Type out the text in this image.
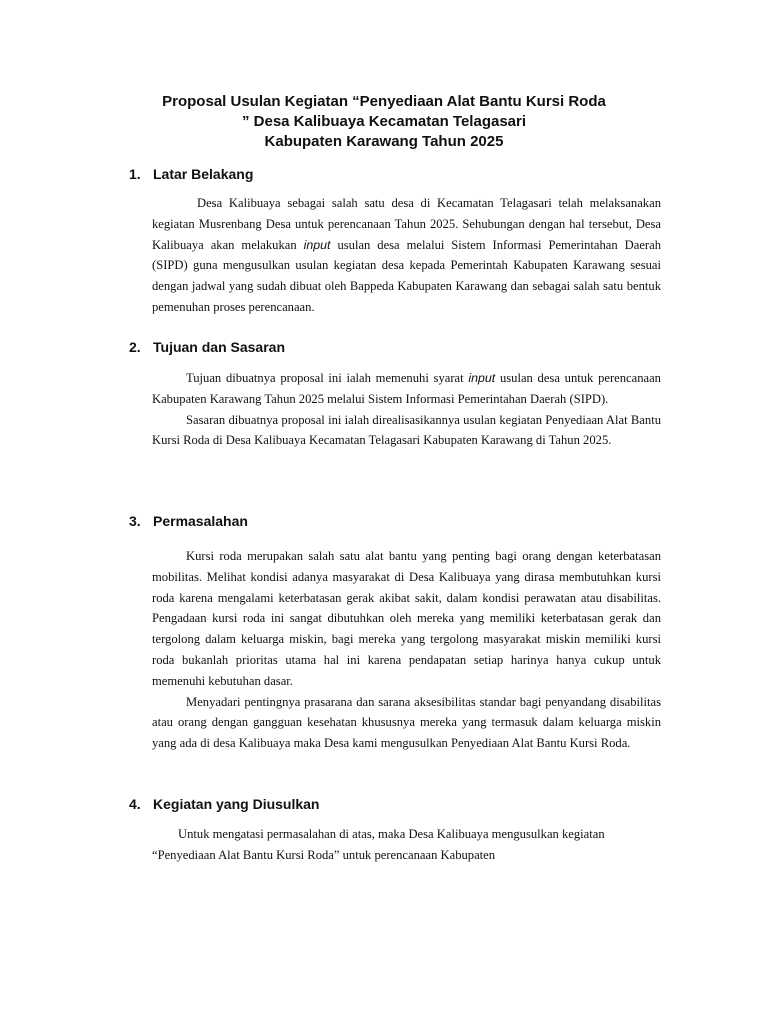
Proposal Usulan Kegiatan “Penyediaan Alat Bantu Kursi Roda
” Desa Kalibuaya Kecamatan Telagasari
Kabupaten Karawang Tahun 2025
1. Latar Belakang

Desa Kalibuaya sebagai salah satu desa di Kecamatan Telagasari telah melaksanakan kegiatan Musrenbang Desa untuk perencanaan Tahun 2025. Sehubungan dengan hal tersebut, Desa Kalibuaya akan melakukan input usulan desa melalui Sistem Informasi Pemerintahan Daerah (SIPD) guna mengusulkan usulan kegiatan desa kepada Pemerintah Kabupaten Karawang sesuai dengan jadwal yang sudah dibuat oleh Bappeda Kabupaten Karawang dan sebagai salah satu bentuk pemenuhan proses perencanaan.

2. Tujuan dan Sasaran

Tujuan dibuatnya proposal ini ialah memenuhi syarat input usulan desa untuk perencanaan Kabupaten Karawang Tahun 2025 melalui Sistem Informasi Pemerintahan Daerah (SIPD).

Sasaran dibuatnya proposal ini ialah direalisasikannya usulan kegiatan Penyediaan Alat Bantu Kursi Roda di Desa Kalibuaya Kecamatan Telagasari Kabupaten Karawang di Tahun 2025.

3. Permasalahan

Kursi roda merupakan salah satu alat bantu yang penting bagi orang dengan keterbatasan mobilitas. Melihat kondisi adanya masyarakat di Desa Kalibuaya yang dirasa membutuhkan kursi roda karena mengalami keterbatasan gerak akibat sakit, dalam kondisi perawatan atau disabilitas. Pengadaan kursi roda ini sangat dibutuhkan oleh mereka yang memiliki keterbatasan gerak dan tergolong dalam keluarga miskin, bagi mereka yang tergolong masyarakat miskin memiliki kursi roda bukanlah prioritas utama hal ini karena pendapatan setiap harinya hanya cukup untuk memenuhi kebutuhan dasar.

Menyadari pentingnya prasarana dan sarana aksesibilitas standar bagi penyandang disabilitas atau orang dengan gangguan kesehatan khususnya mereka yang termasuk dalam keluarga miskin yang ada di desa Kalibuaya maka Desa kami mengusulkan Penyediaan Alat Bantu Kursi Roda.

4. Kegiatan yang Diusulkan

Untuk mengatasi permasalahan di atas, maka Desa Kalibuaya mengusulkan kegiatan “Penyediaan Alat Bantu Kursi Roda” untuk perencanaan Kabupaten
